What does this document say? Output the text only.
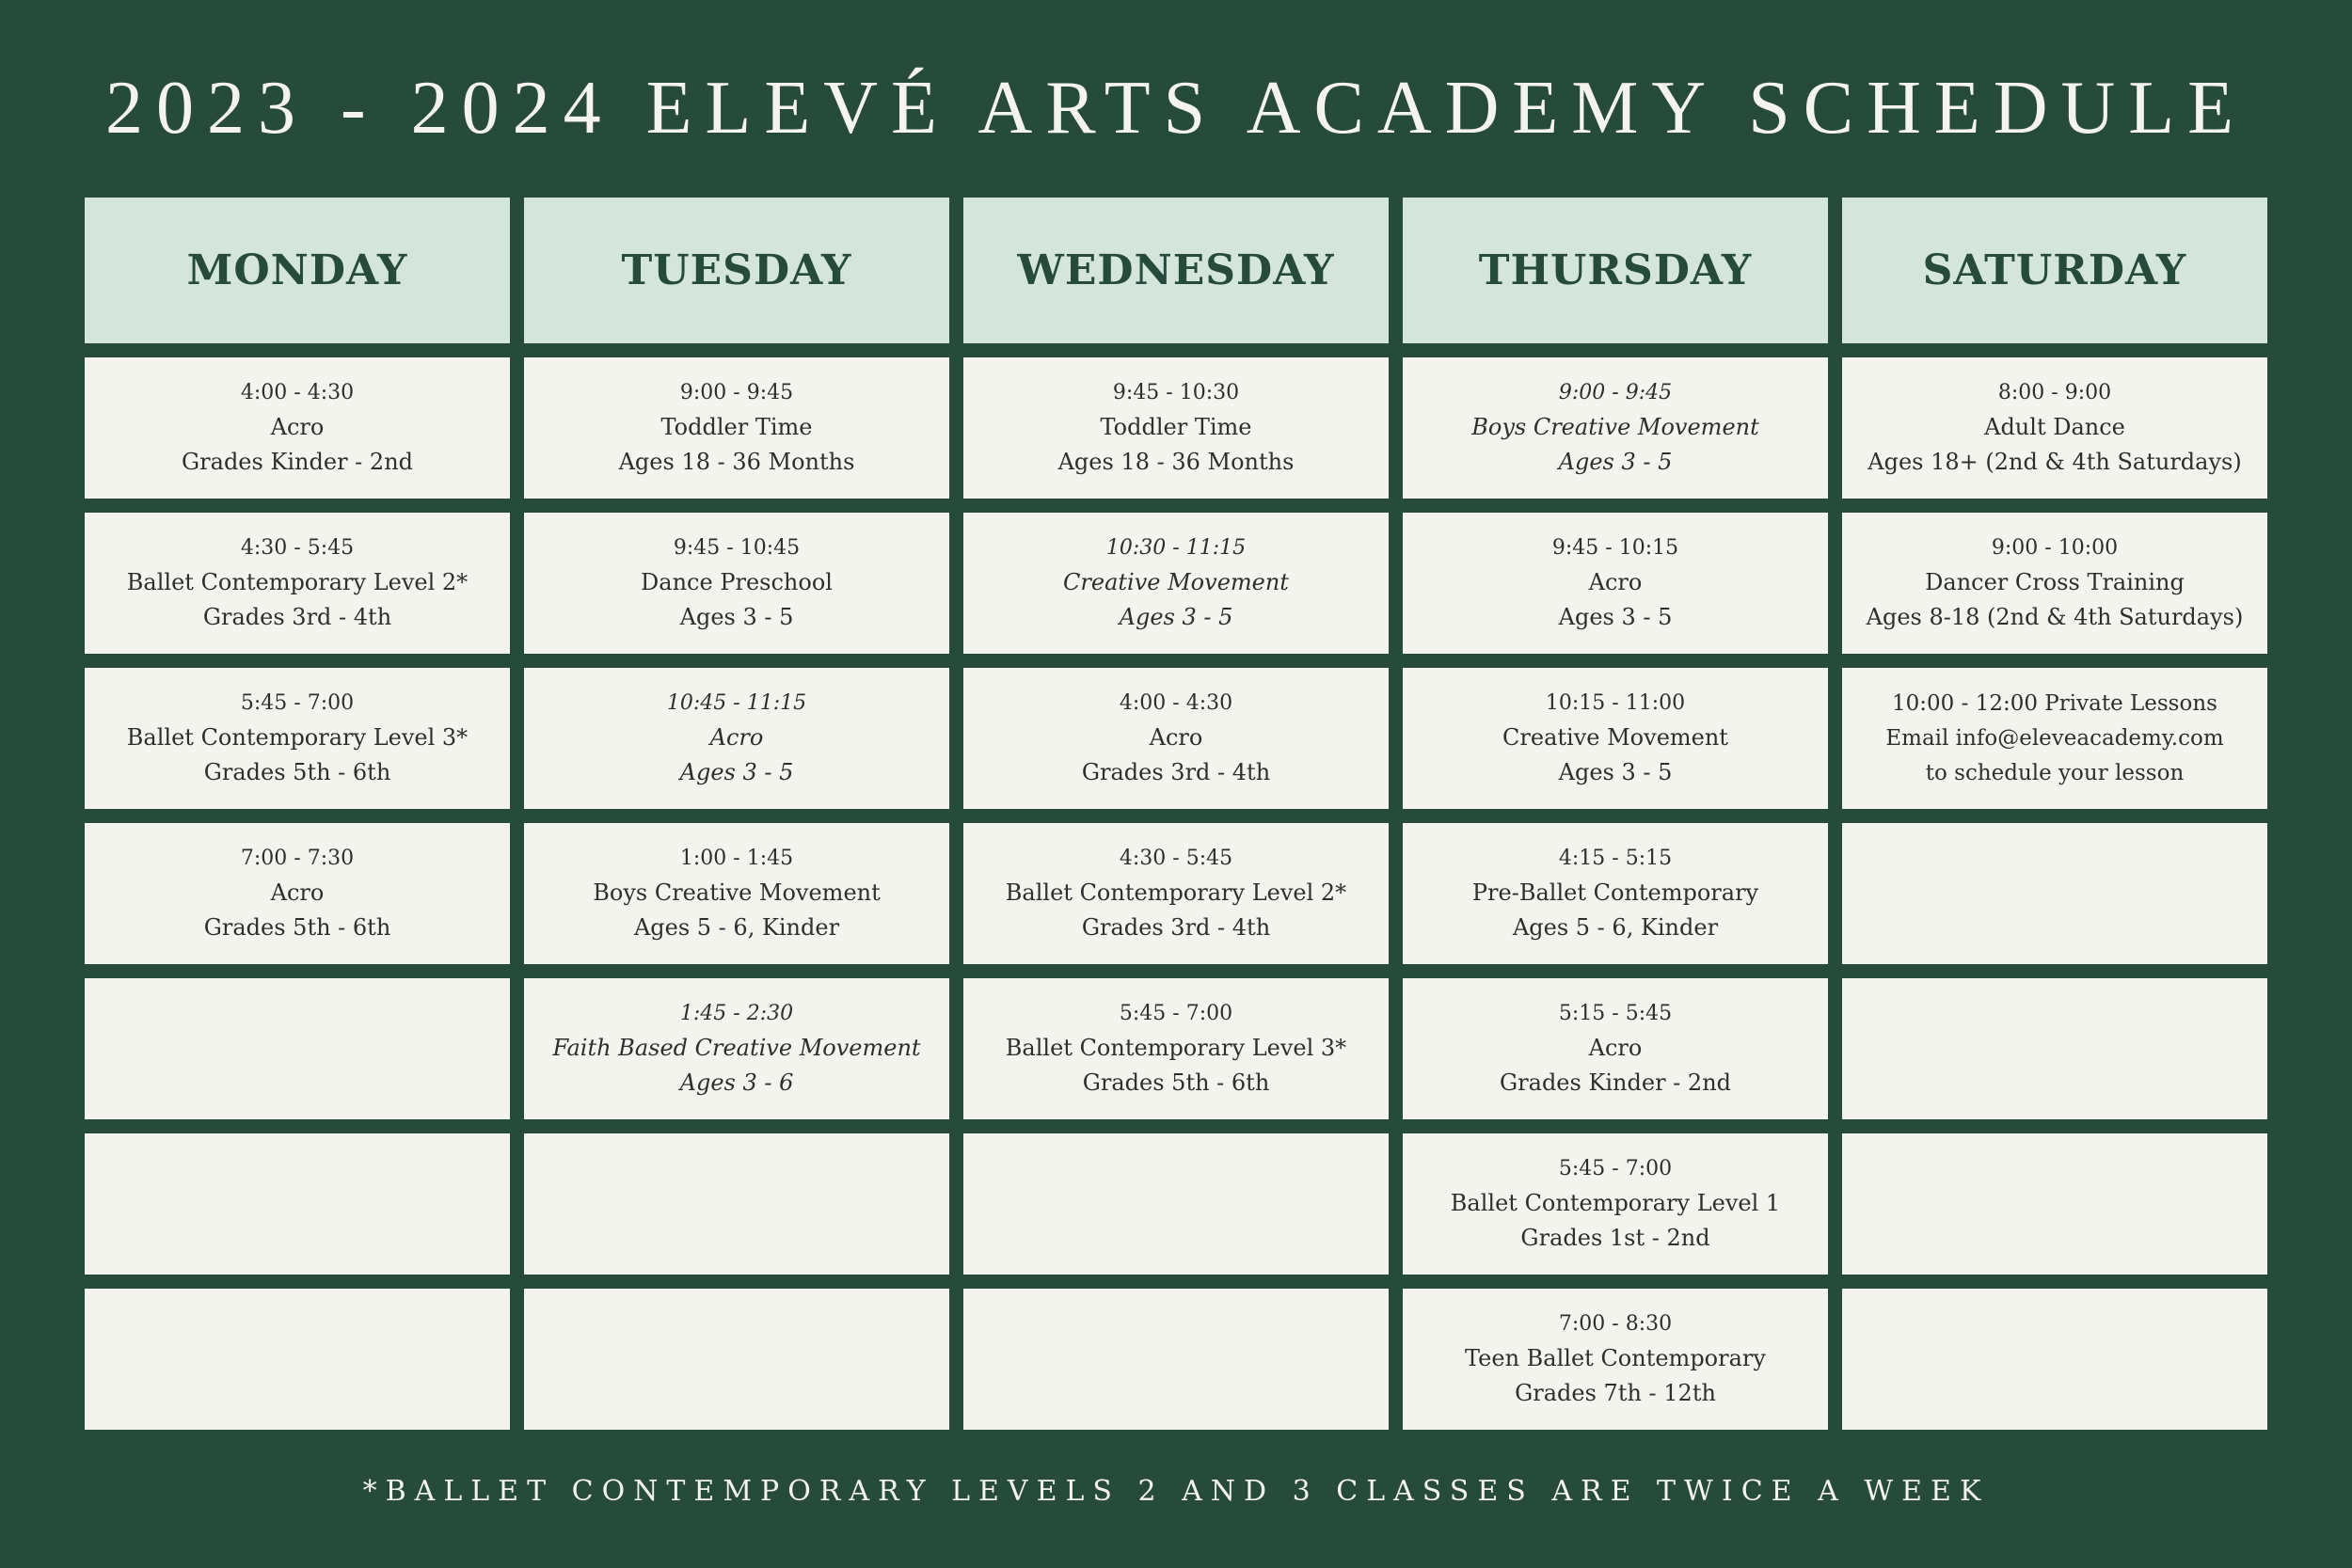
2023 - 2024 ELEVÉ ARTS ACADEMY SCHEDULE
MONDAY
4:00 - 4:30
Acro
Grades Kinder - 2nd
4:30 - 5:45
Ballet Contemporary Level 2*
Grades 3rd - 4th
5:45 - 7:00
Ballet Contemporary Level 3*
Grades 5th - 6th
7:00 - 7:30
Acro
Grades 5th - 6th
TUESDAY
9:00 - 9:45
Toddler Time
Ages 18 - 36 Months
9:45 - 10:45
Dance Preschool
Ages 3 - 5
10:45 - 11:15
Acro
Ages 3 - 5
1:00 - 1:45
Boys Creative Movement
Ages 5 - 6, Kinder
1:45 - 2:30
Faith Based Creative Movement
Ages 3 - 6
WEDNESDAY
9:45 - 10:30
Toddler Time
Ages 18 - 36 Months
10:30 - 11:15
Creative Movement
Ages 3 - 5
4:00 - 4:30
Acro
Grades 3rd - 4th
4:30 - 5:45
Ballet Contemporary Level 2*
Grades 3rd - 4th
5:45 - 7:00
Ballet Contemporary Level 3*
Grades 5th - 6th
THURSDAY
9:00 - 9:45
Boys Creative Movement
Ages 3 - 5
9:45 - 10:15
Acro
Ages 3 - 5
10:15 - 11:00
Creative Movement
Ages 3 - 5
4:15 - 5:15
Pre-Ballet Contemporary
Ages 5 - 6, Kinder
5:15 - 5:45
Acro
Grades Kinder - 2nd
5:45 - 7:00
Ballet Contemporary Level 1
Grades 1st - 2nd
7:00 - 8:30
Teen Ballet Contemporary
Grades 7th - 12th
SATURDAY
8:00 - 9:00
Adult Dance
Ages 18+ (2nd & 4th Saturdays)
9:00 - 10:00
Dancer Cross Training
Ages 8-18 (2nd & 4th Saturdays)
10:00 - 12:00 Private Lessons
Email info@eleveacademy.com
to schedule your lesson
*BALLET CONTEMPORARY LEVELS 2 AND 3 CLASSES ARE TWICE A WEEK
